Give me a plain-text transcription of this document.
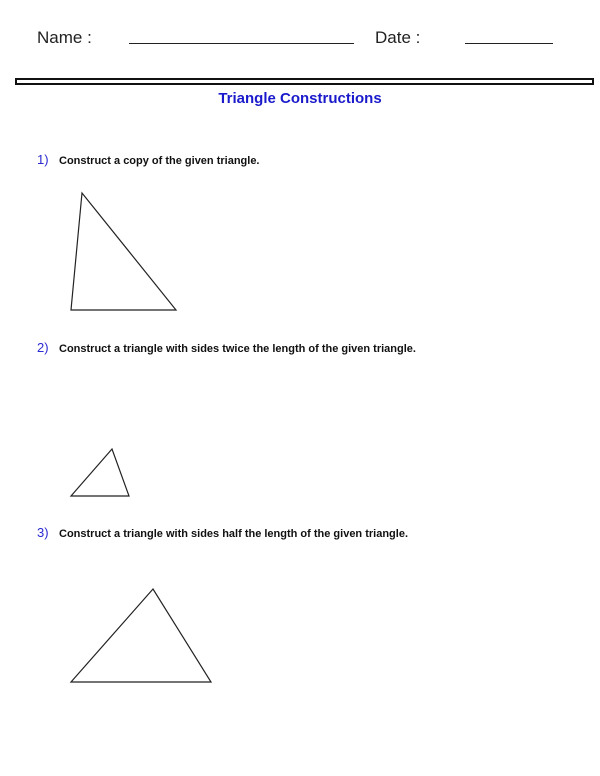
Name :	Date :
Triangle Constructions
1) Construct a copy of the given triangle.
2) Construct a triangle with sides twice the length of the given triangle.
3) Construct a triangle with sides half the length of the given triangle.
